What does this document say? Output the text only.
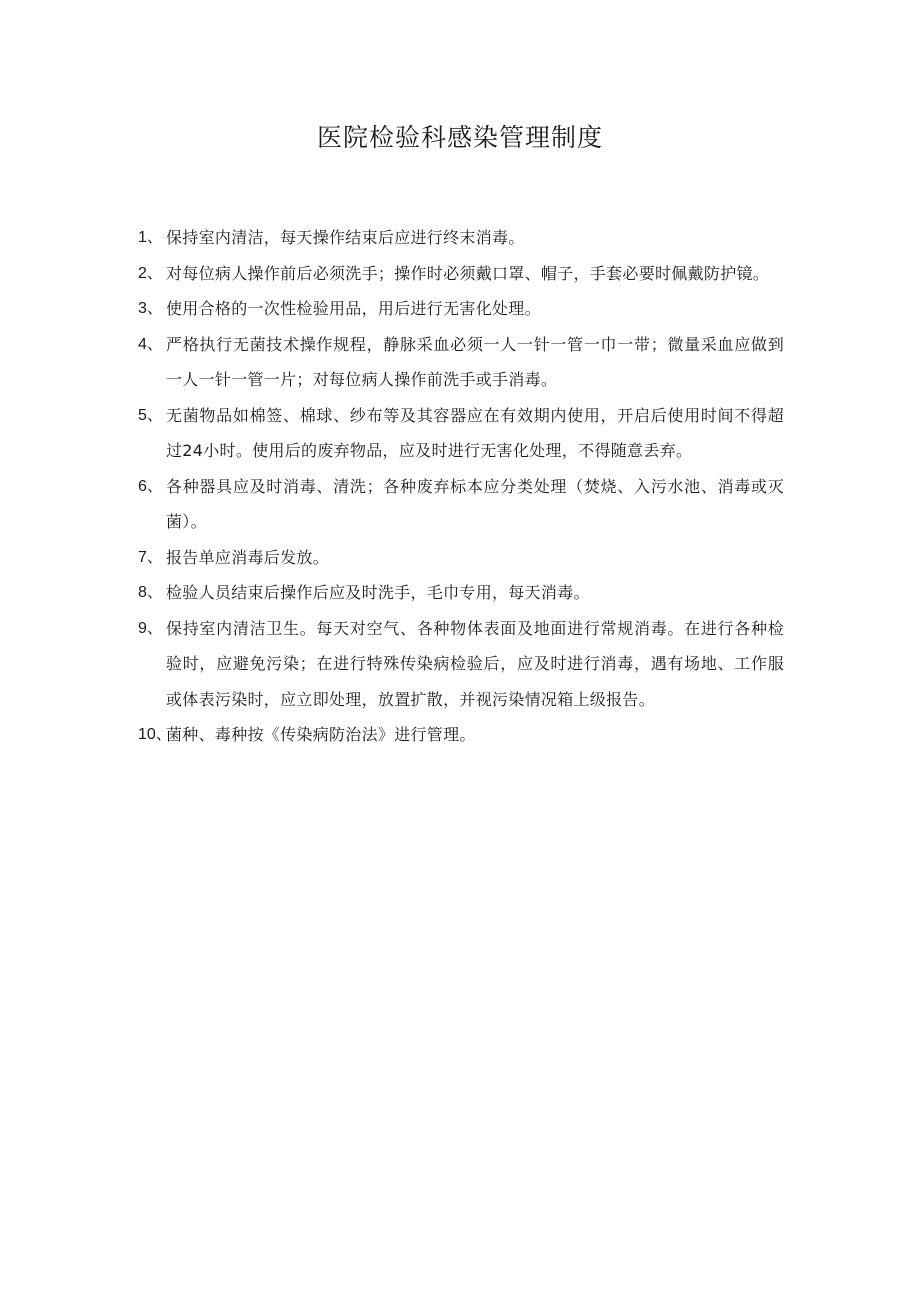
医院检验科感染管理制度
1、 保持室内清洁，每天操作结束后应进行终末消毒。
2、 对每位病人操作前后必须洗手；操作时必须戴口罩、帽子，手套必要时佩戴防护镜。
3、 使用合格的一次性检验用品，用后进行无害化处理。
4、 严格执行无菌技术操作规程，静脉采血必须一人一针一管一巾一带；微量采血应做到一人一针一管一片；对每位病人操作前洗手或手消毒。
5、 无菌物品如棉签、棉球、纱布等及其容器应在有效期内使用，开启后使用时间不得超过24小时。使用后的废弃物品，应及时进行无害化处理，不得随意丢弃。
6、 各种器具应及时消毒、清洗；各种废弃标本应分类处理（焚烧、入污水池、消毒或灭菌）。
7、 报告单应消毒后发放。
8、 检验人员结束后操作后应及时洗手，毛巾专用，每天消毒。
9、 保持室内清洁卫生。每天对空气、各种物体表面及地面进行常规消毒。在进行各种检验时，应避免污染；在进行特殊传染病检验后，应及时进行消毒，遇有场地、工作服或体表污染时，应立即处理，放置扩散，并视污染情况箱上级报告。
10、
菌种、毒种按《传染病防治法》进行管理。
